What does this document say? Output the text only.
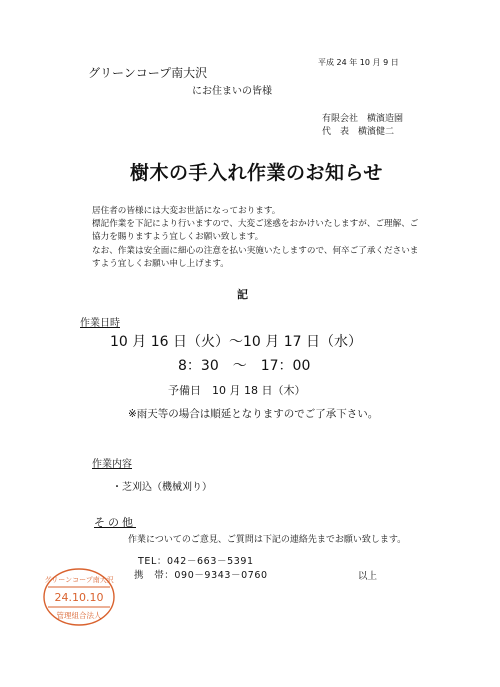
平成 24 年 10 月 9 日
グリーンコープ南大沢
にお住まいの皆様
有限会社　横濱造園
代　表　横濱健二
樹木の手入れ作業のお知らせ

居住者の皆様には大変お世話になっております。

標記作業を下記により行いますので、大変ご迷惑をおかけいたしますが、ご理解、ご協力を賜りますよう宜しくお願い致します。

なお、作業は安全面に細心の注意を払い実施いたしますので、何卒ご了承くださいますよう宜しくお願い申し上げます。

記
作業日時
10 月 16 日（火）～10 月 17 日（水）
8：30　～　17：00
予備日　10 月 18 日（木）
※雨天等の場合は順延となりますのでご了承下さい。
作業内容
・芝刈込（機械刈り）
その他
作業についてのご意見、ご質問は下記の連絡先までお願い致します。
TEL：042－663－5391
携　帯：090－9343－0760	以上
グリーンコープ南大沢
24.10.10
管理組合法人
